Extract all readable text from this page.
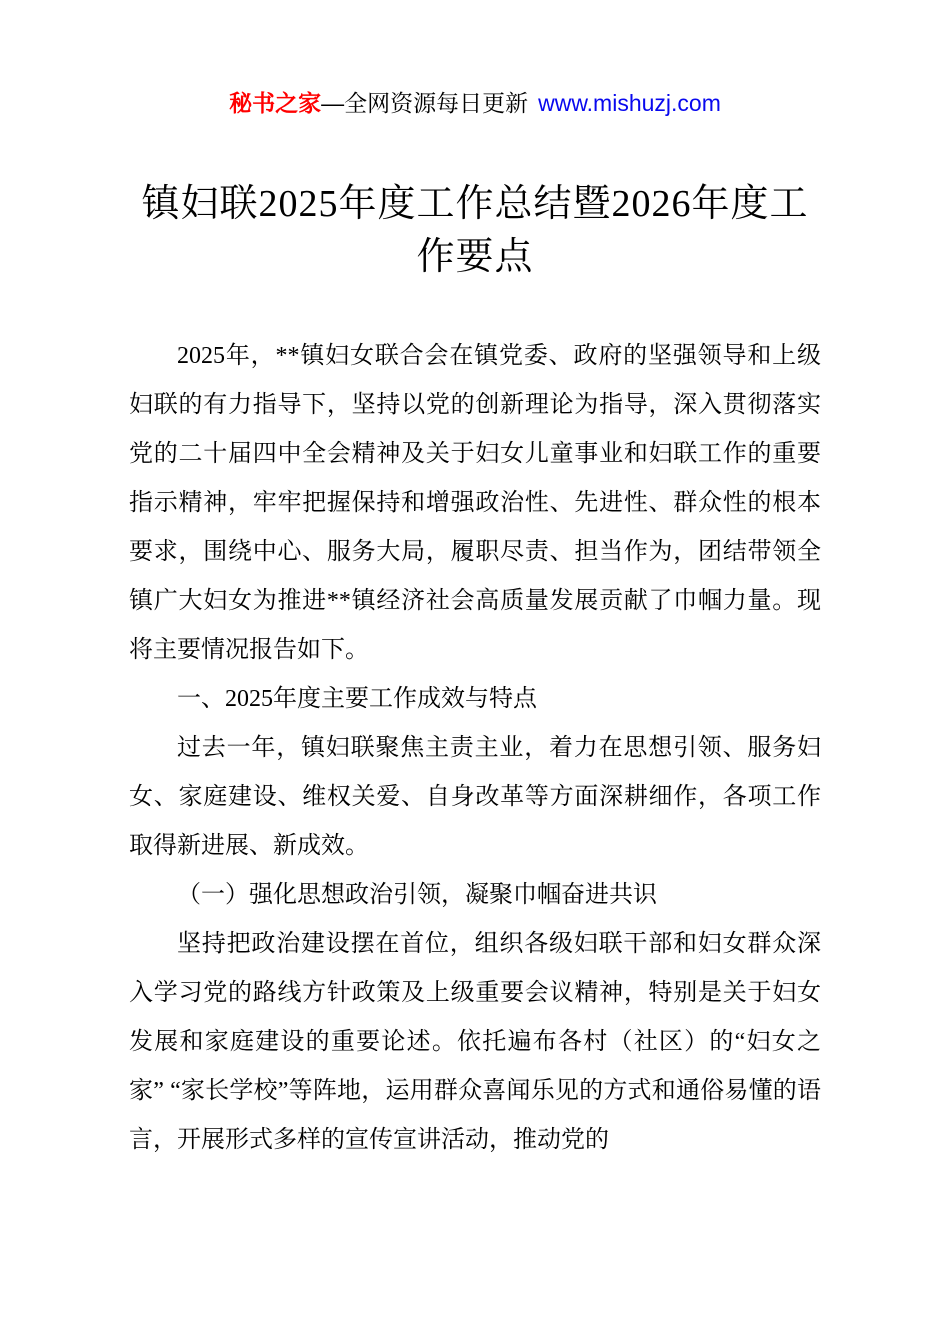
秘书之家—全网资源每日更新 www.mishuzj.com
镇妇联2025年度工作总结暨2026年度工作要点

2025年，**镇妇女联合会在镇党委、政府的坚强领导和上级妇联的有力指导下，坚持以党的创新理论为指导，深入贯彻落实党的二十届四中全会精神及关于妇女儿童事业和妇联工作的重要指示精神，牢牢把握保持和增强政治性、先进性、群众性的根本要求，围绕中心、服务大局，履职尽责、担当作为，团结带领全镇广大妇女为推进**镇经济社会高质量发展贡献了巾帼力量。现将主要情况报告如下。

一、2025年度主要工作成效与特点

过去一年，镇妇联聚焦主责主业，着力在思想引领、服务妇女、家庭建设、维权关爱、自身改革等方面深耕细作，各项工作取得新进展、新成效。

（一）强化思想政治引领，凝聚巾帼奋进共识

坚持把政治建设摆在首位，组织各级妇联干部和妇女群众深入学习党的路线方针政策及上级重要会议精神，特别是关于妇女发展和家庭建设的重要论述。依托遍布各村（社区）的“妇女之家” “家长学校”等阵地，运用群众喜闻乐见的方式和通俗易懂的语言，开展形式多样的宣传宣讲活动，推动党的
